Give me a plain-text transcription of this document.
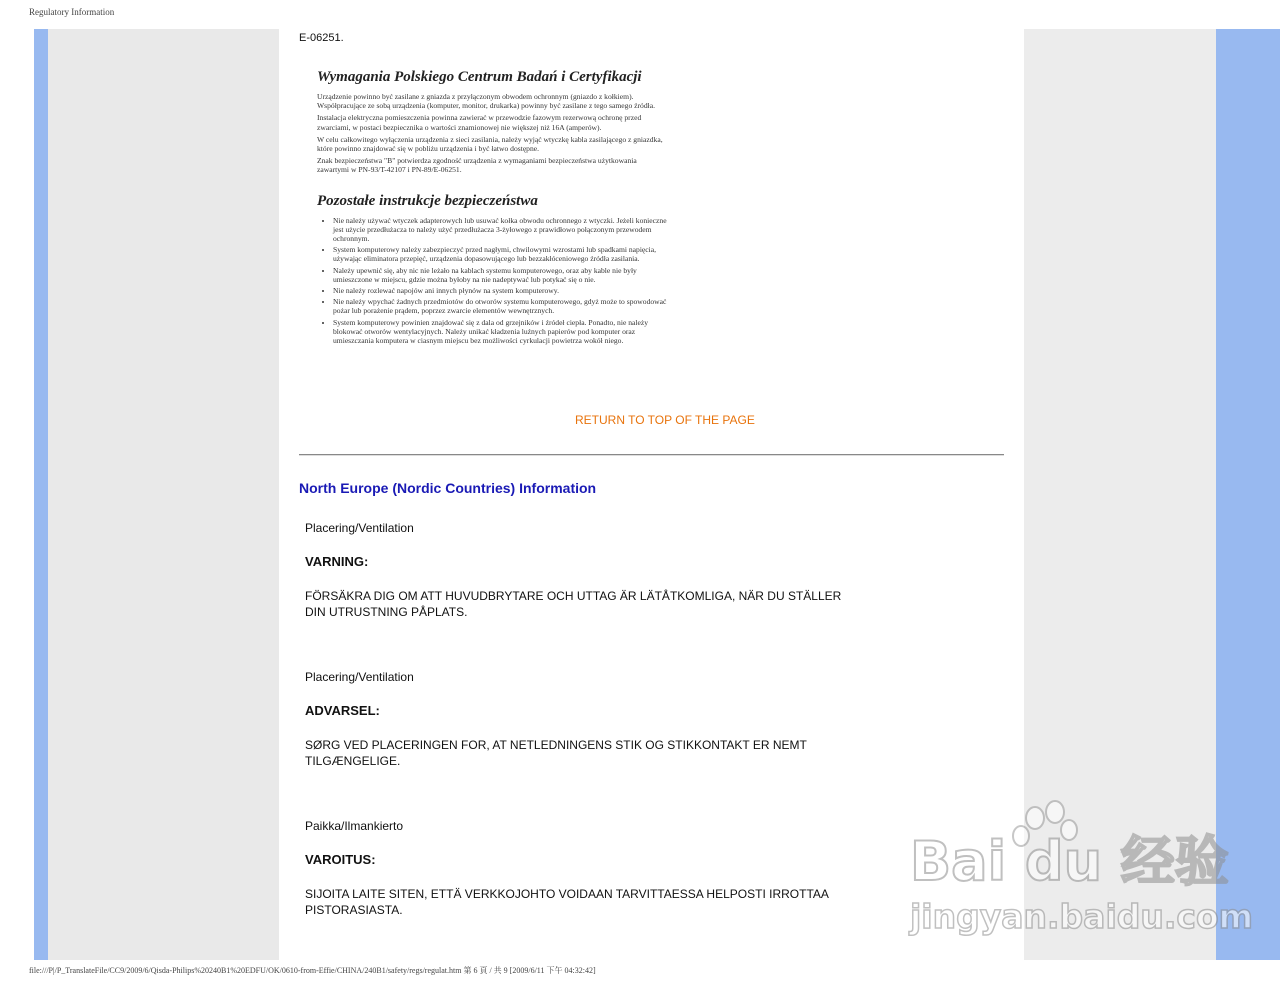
Regulatory Information
E-06251.
Wymagania Polskiego Centrum Badań i Certyfikacji

Urządzenie powinno być zasilane z gniazda z przyłączonym obwodem ochronnym (gniazdo z kołkiem). Współpracujące ze sobą urządzenia (komputer, monitor, drukarka) powinny być zasilane z tego samego źródła.

Instalacja elektryczna pomieszczenia powinna zawierać w przewodzie fazowym rezerwową ochronę przed zwarciami, w postaci bezpiecznika o wartości znamionowej nie większej niż 16A (amperów).

W celu całkowitego wyłączenia urządzenia z sieci zasilania, należy wyjąć wtyczkę kabla zasilającego z gniazdka, które powinno znajdować się w pobliżu urządzenia i być łatwo dostępne.

Znak bezpieczeństwa "B" potwierdza zgodność urządzenia z wymaganiami bezpieczeństwa użytkowania zawartymi w PN-93/T-42107 i PN-89/E-06251.

Pozostałe instrukcje bezpieczeństwa
• Nie należy używać wtyczek adapterowych lub usuwać kołka obwodu ochronnego z wtyczki. Jeżeli konieczne jest użycie przedłużacza to należy użyć przedłużacza 3-żyłowego z prawidłowo połączonym przewodem ochronnym.
• System komputerowy należy zabezpieczyć przed nagłymi, chwilowymi wzrostami lub spadkami napięcia, używając eliminatora przepięć, urządzenia dopasowującego lub bezzakłóceniowego źródła zasilania.
• Należy upewnić się, aby nic nie leżało na kablach systemu komputerowego, oraz aby kable nie były umieszczone w miejscu, gdzie można byłoby na nie nadeptywać lub potykać się o nie.
• Nie należy rozlewać napojów ani innych płynów na system komputerowy.
• Nie należy wpychać żadnych przedmiotów do otworów systemu komputerowego, gdyż może to spowodować pożar lub porażenie prądem, poprzez zwarcie elementów wewnętrznych.
• System komputerowy powinien znajdować się z dala od grzejników i źródeł ciepła. Ponadto, nie należy blokować otworów wentylacyjnych. Należy unikać kładzenia luźnych papierów pod komputer oraz umieszczania komputera w ciasnym miejscu bez możliwości cyrkulacji powietrza wokół niego.
RETURN TO TOP OF THE PAGE
North Europe (Nordic Countries) Information
Placering/Ventilation
VARNING:
FÖRSÄKRA DIG OM ATT HUVUDBRYTARE OCH UTTAG ÄR LÄTÅTKOMLIGA, NÄR DU STÄLLER DIN UTRUSTNING PÅPLATS.
Placering/Ventilation
ADVARSEL:
SØRG VED PLACERINGEN FOR, AT NETLEDNINGENS STIK OG STIKKONTAKT ER NEMT TILGÆNGELIGE.
Paikka/Ilmankierto
VAROITUS:
SIJOITA LAITE SITEN, ETTÄ VERKKOJOHTO VOIDAAN TARVITTAESSA HELPOSTI IRROTTAA PISTORASIASTA.
Bai du 经验
jingyan.baidu.com
file:///P|/P_TranslateFile/CC9/2009/6/Qisda-Philips%20240B1%20EDFU/OK/0610-from-Effie/CHINA/240B1/safety/regs/regulat.htm 第 6 頁 / 共 9 [2009/6/11 下午 04:32:42]
